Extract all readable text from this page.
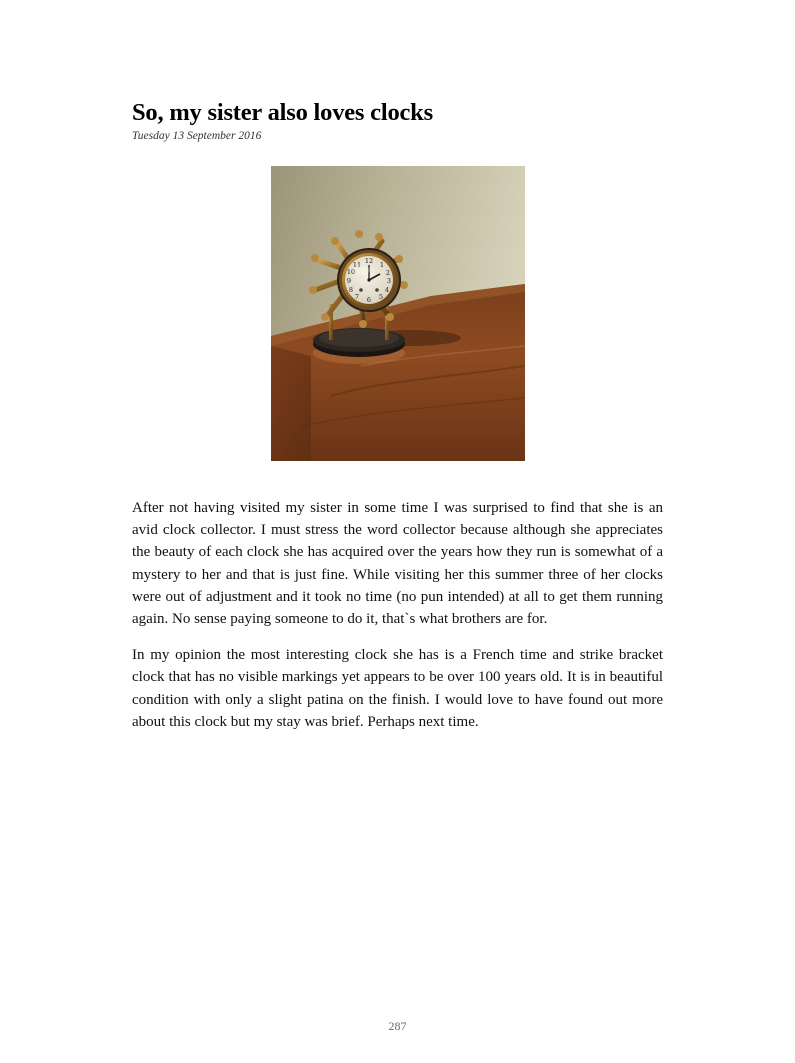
So, my sister also loves clocks
Tuesday 13 September 2016
12 1
2
3
4
5
6
7
8
9
10
11

After not having visited my sister in some time I was surprised to find that she is an avid clock collector. I must stress the word collector because although she appreciates the beauty of each clock she has acquired over the years how they run is somewhat of a mystery to her and that is just fine. While visiting her this summer three of her clocks were out of adjustment and it took no time (no pun intended) at all to get them running again. No sense paying someone to do it, that`s what brothers are for.

In my opinion the most interesting clock she has is a French time and strike bracket clock that has no visible markings yet appears to be over 100 years old. It is in beautiful condition with only a slight patina on the finish. I would love to have found out more about this clock but my stay was brief. Perhaps next time.

287
